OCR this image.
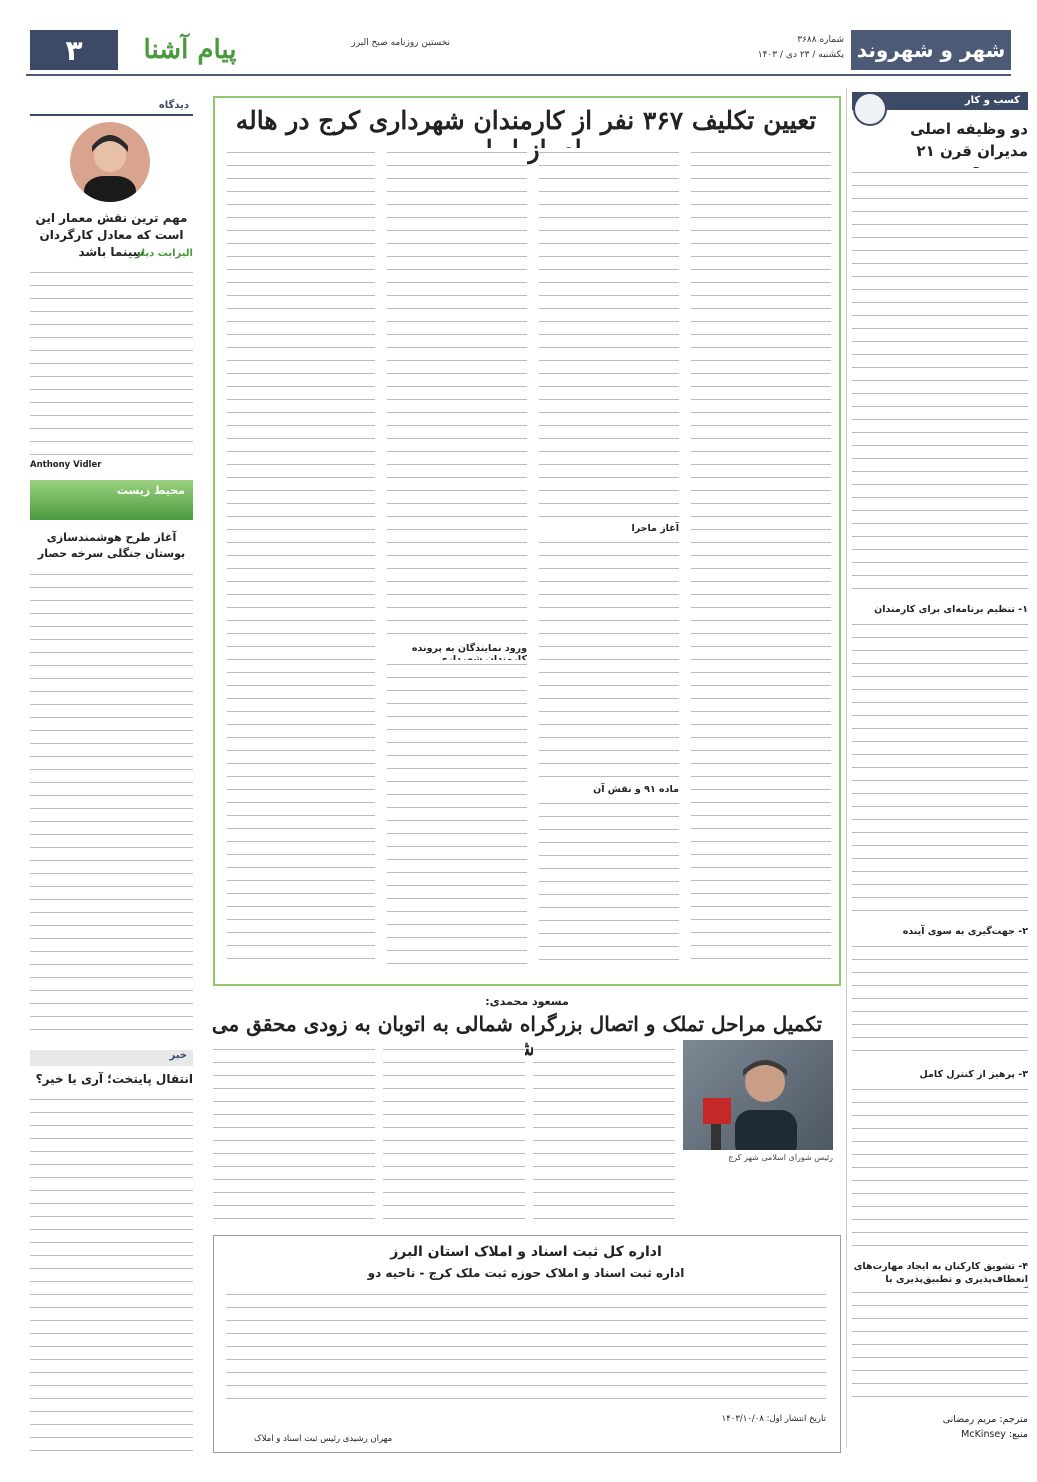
شهر و شهروند
شماره ۳۶۸۸
یکشنبه / ۲۳ دی / ۱۴۰۳
نخستین روزنامه صبح البرز
پیام آشنا
۳
کسب و کار
دو وظیفه اصلی مدیران قرن ۲۱
۱- تنظیم برنامه‌ای برای کارمندان
۲- جهت‌گیری به‌ سوی آینده
۳- پرهیز از کنترل کامل
۴- تشویق کارکنان به ایجاد مهارت‌های انعطاف‌پذیری و تطبیق‌پذیری با
مترجم: مریم رمضانی
منبع: McKinsey
تعیین تکلیف ۳۶۷ نفر از کارمندان شهرداری کرج در هاله از
آغاز ماجرا
ماده ۹۱ و نقش آن
ورود نمایندگان به پرونده
دیدگاه
مهم ترین نقش معمار این است که معادل کارگردان سینما باشد
الیزابت دیلر
Anthony Vidler
محیط زیست
آغاز طرح هوشمندسازی بوستان جنگلی سرخه حصار
خبر
انتقال پایتخت؛ آری یا خیر؟
مسعود محمدی:
تکمیل مراحل تملک و اتصال بزرگراه شمالی به اتوبان به زودی محقق می
رئیس شورای اسلامی شهر کرج
اداره کل ثبت اسناد و املاک استان البرز
اداره ثبت اسناد و املاک حوزه ثبت ملک کرج - ناحیه دو
تاریخ انتشار اول: ۱۴۰۳/۱۰/۰۸
مهران رشیدی رئیس ثبت اسناد و املاک
